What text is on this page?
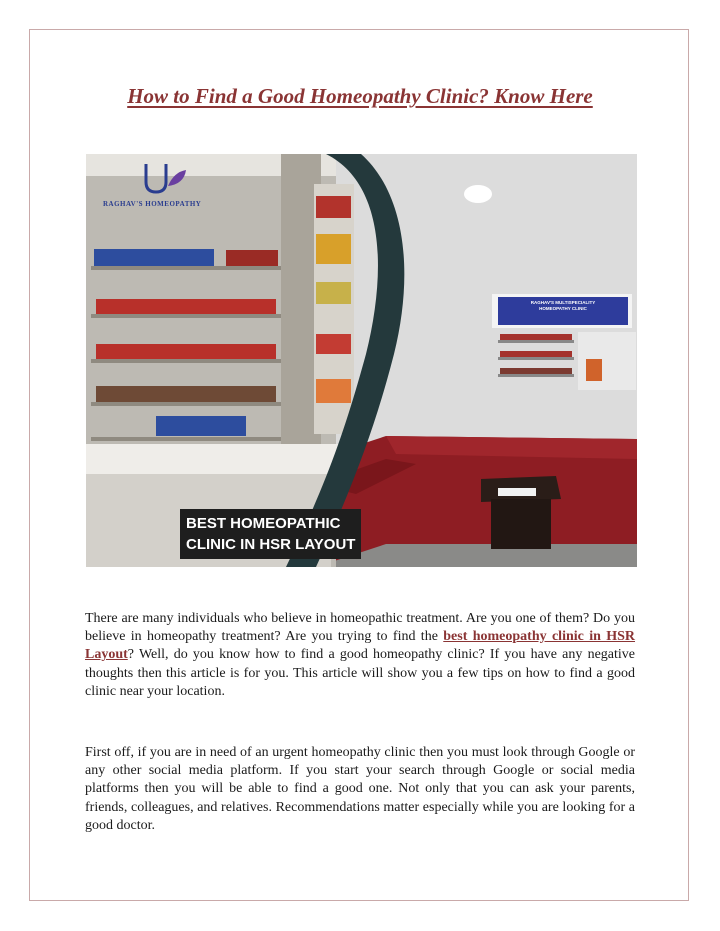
How to Find a Good Homeopathy Clinic? Know Here
BEST HOMEOPATHIC
CLINIC IN HSR LAYOUT
RAGHAV'S HOMEOPATHY
RAGHAV'S MULTISPECIALITY
HOMEOPATHY CLINIC

There are many individuals who believe in homeopathic treatment. Are you one of them? Do you believe in homeopathy treatment? Are you trying to find the best homeopathy clinic in HSR Layout? Well, do you know how to find a good homeopathy clinic? If you have any negative thoughts then this article is for you. This article will show you a few tips on how to find a good clinic near your location.

First off, if you are in need of an urgent homeopathy clinic then you must look through Google or any other social media platform. If you start your search through Google or social media platforms then you will be able to find a good one. Not only that you can ask your parents, friends, colleagues, and relatives. Recommendations matter especially while you are looking for a good doctor.
